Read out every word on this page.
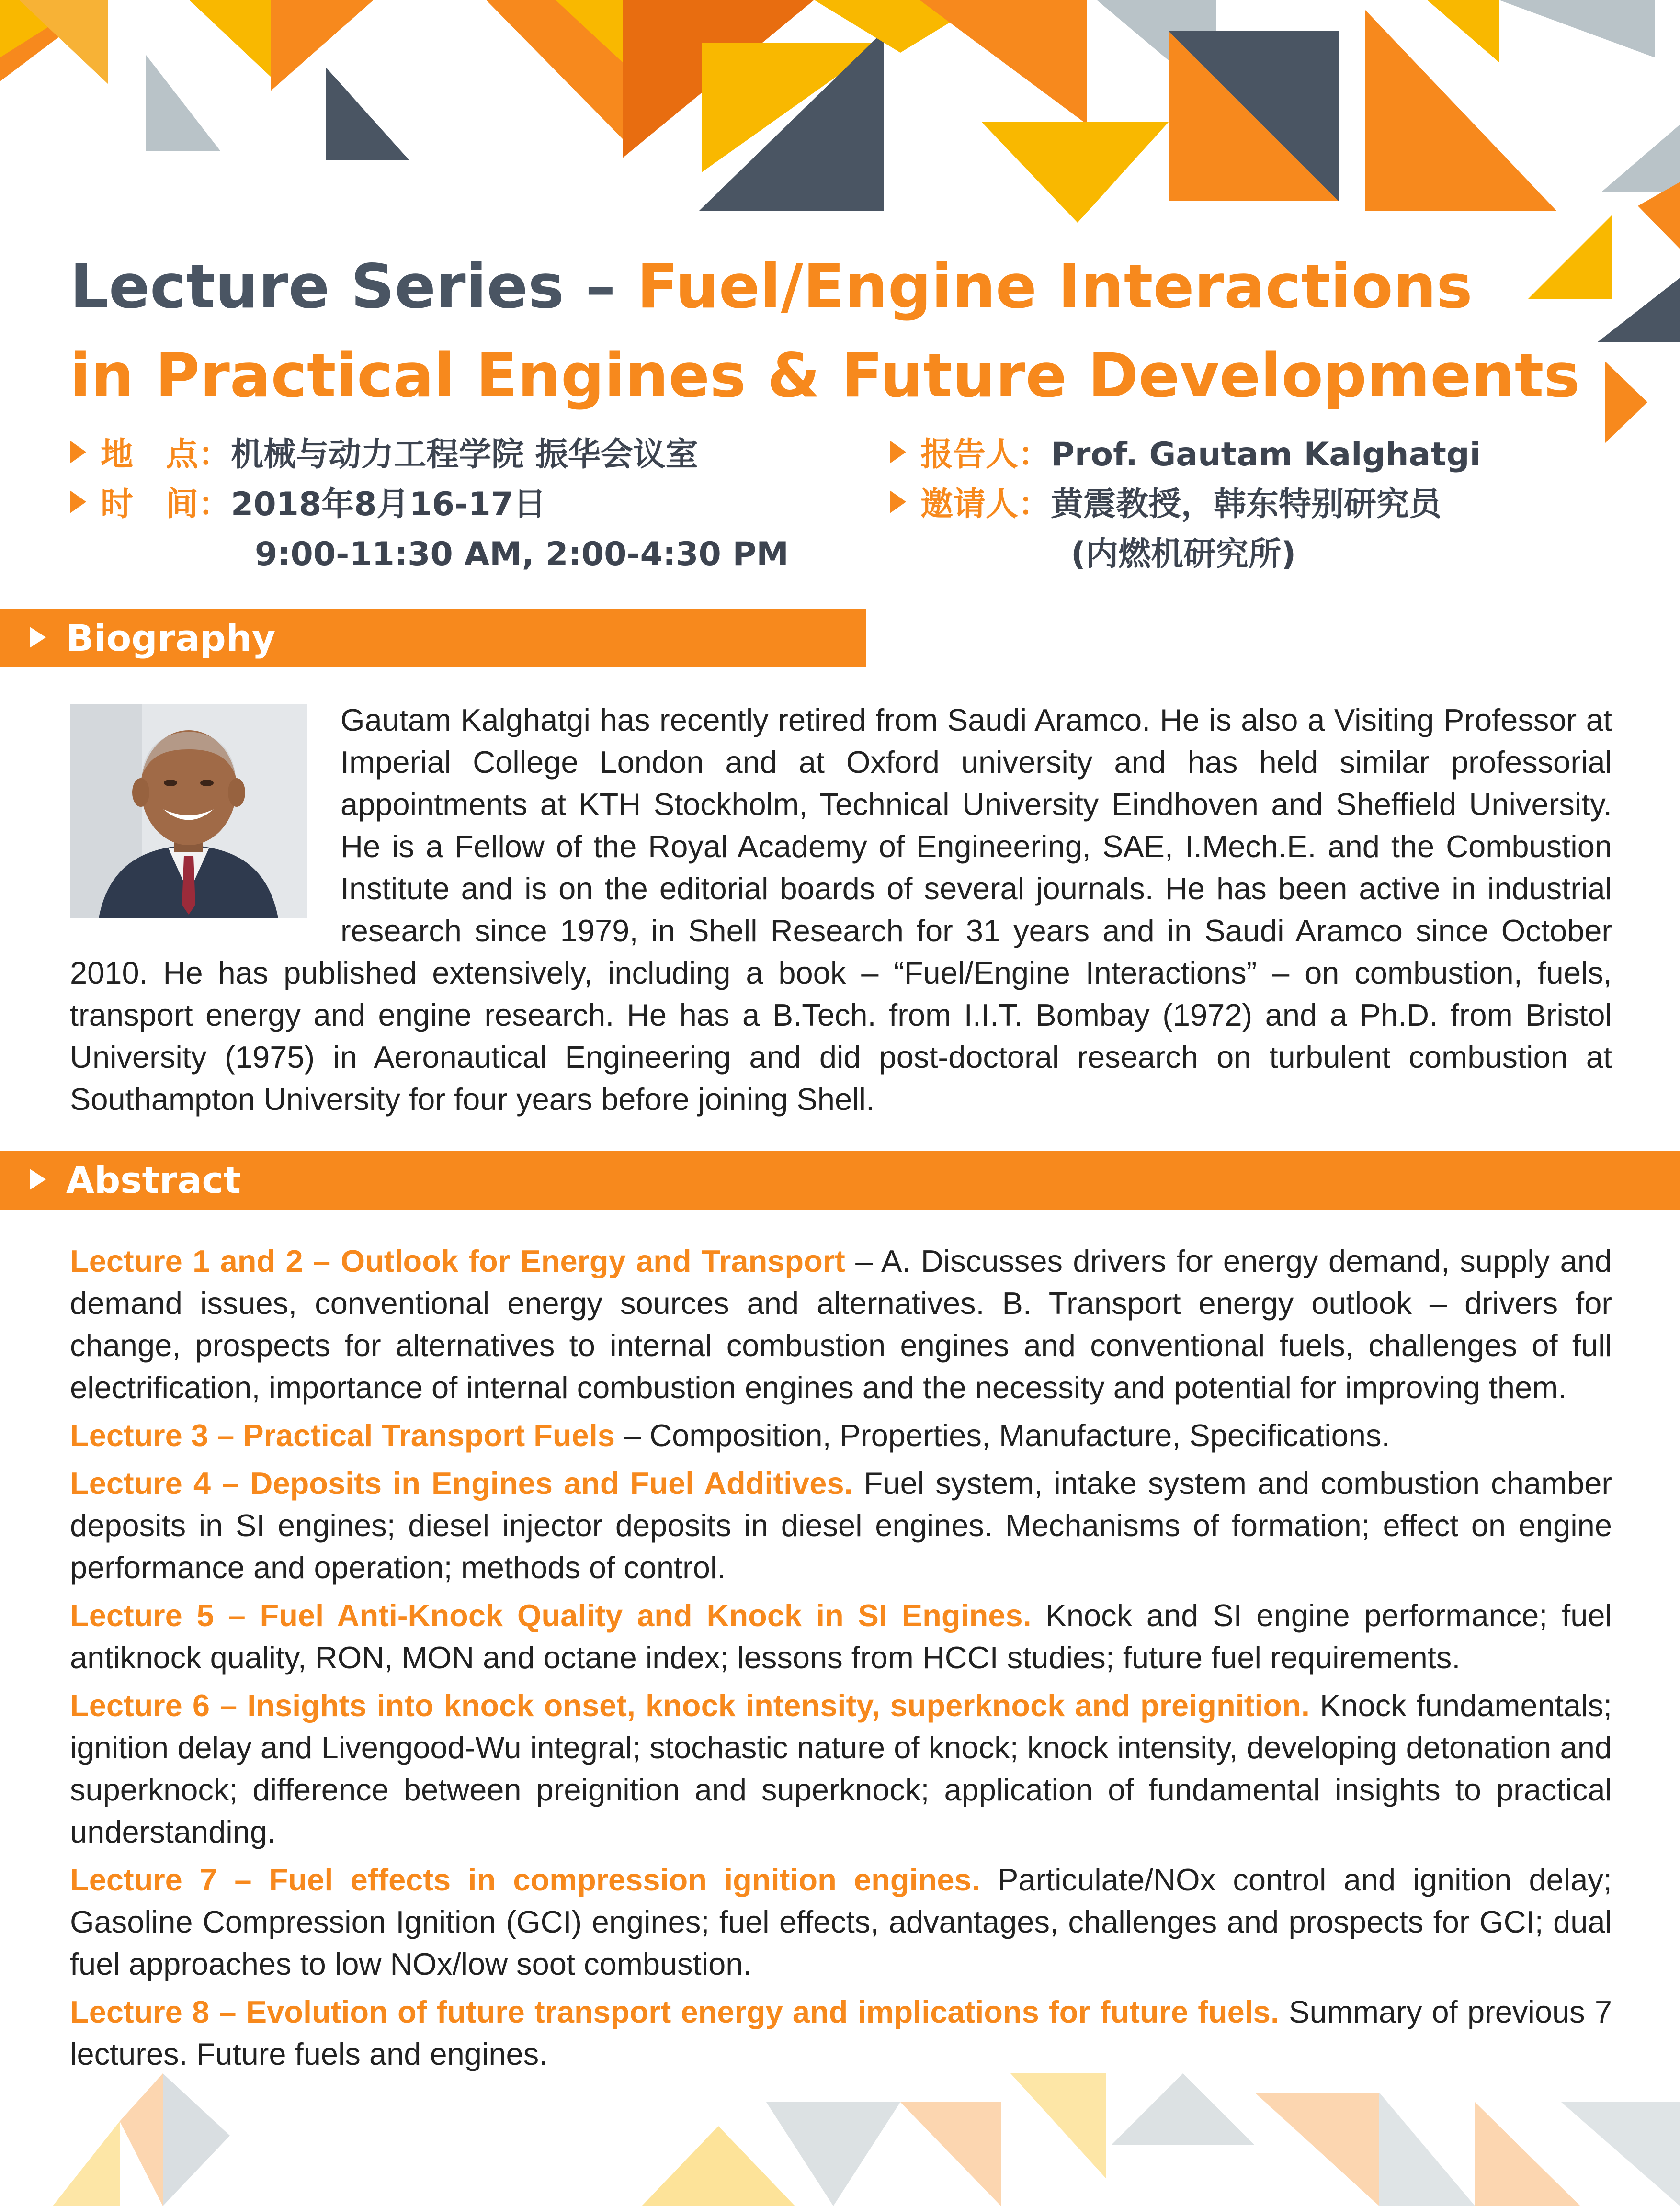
Lecture Series – Fuel/Engine Interactions
in Practical Engines & Future Developments
地　点：机械与动力工程学院 振华会议室
时　间：2018年8月16-17日
9:00-11:30 AM, 2:00-4:30 PM
报告人：Prof. Gautam Kalghatgi
邀请人：黄震教授，韩东特别研究员
(内燃机研究所)
Biography
Gautam Kalghatgi has recently retired from Saudi Aramco. He is also a Visiting Professor at Imperial College London and at Oxford university and has held similar professorial appointments at KTH Stockholm, Technical University Eindhoven and Sheffield University. He is a Fellow of the Royal Academy of Engineering, SAE, I.Mech.E. and the Combustion Institute and is on the editorial boards of several journals. He has been active in industrial research since 1979, in Shell Research for 31 years and in Saudi Aramco since October 2010. He has published extensively, including a book – “Fuel/Engine Interactions” – on combustion, fuels, transport energy and engine research. He has a B.Tech. from I.I.T. Bombay (1972) and a Ph.D. from Bristol University (1975) in Aeronautical Engineering and did post-doctoral research on turbulent combustion at Southampton University for four years before joining Shell.
Abstract

Lecture 1 and 2 – Outlook for Energy and Transport – A. Discusses drivers for energy demand, supply and demand issues, conventional energy sources and alternatives. B. Transport energy outlook – drivers for change, prospects for alternatives to internal combustion engines and conventional fuels, challenges of full electrification, importance of internal combustion engines and the necessity and potential for improving them.

Lecture 3 – Practical Transport Fuels – Composition, Properties, Manufacture, Specifications.

Lecture 4 – Deposits in Engines and Fuel Additives. Fuel system, intake system and combustion chamber deposits in SI engines; diesel injector deposits in diesel engines. Mechanisms of formation; effect on engine performance and operation; methods of control.

Lecture 5 – Fuel Anti-Knock Quality and Knock in SI Engines. Knock and SI engine performance; fuel antiknock quality, RON, MON and octane index; lessons from HCCI studies; future fuel requirements.

Lecture 6 – Insights into knock onset, knock intensity, superknock and preignition. Knock fundamentals; ignition delay and Livengood-Wu integral; stochastic nature of knock; knock intensity, developing detonation and superknock; difference between preignition and superknock; application of fundamental insights to practical understanding.

Lecture 7 – Fuel effects in compression ignition engines. Particulate/NOx control and ignition delay; Gasoline Compression Ignition (GCI) engines; fuel effects, advantages, challenges and prospects for GCI; dual fuel approaches to low NOx/low soot combustion.

Lecture 8 – Evolution of future transport energy and implications for future fuels. Summary of previous 7 lectures. Future fuels and engines.
